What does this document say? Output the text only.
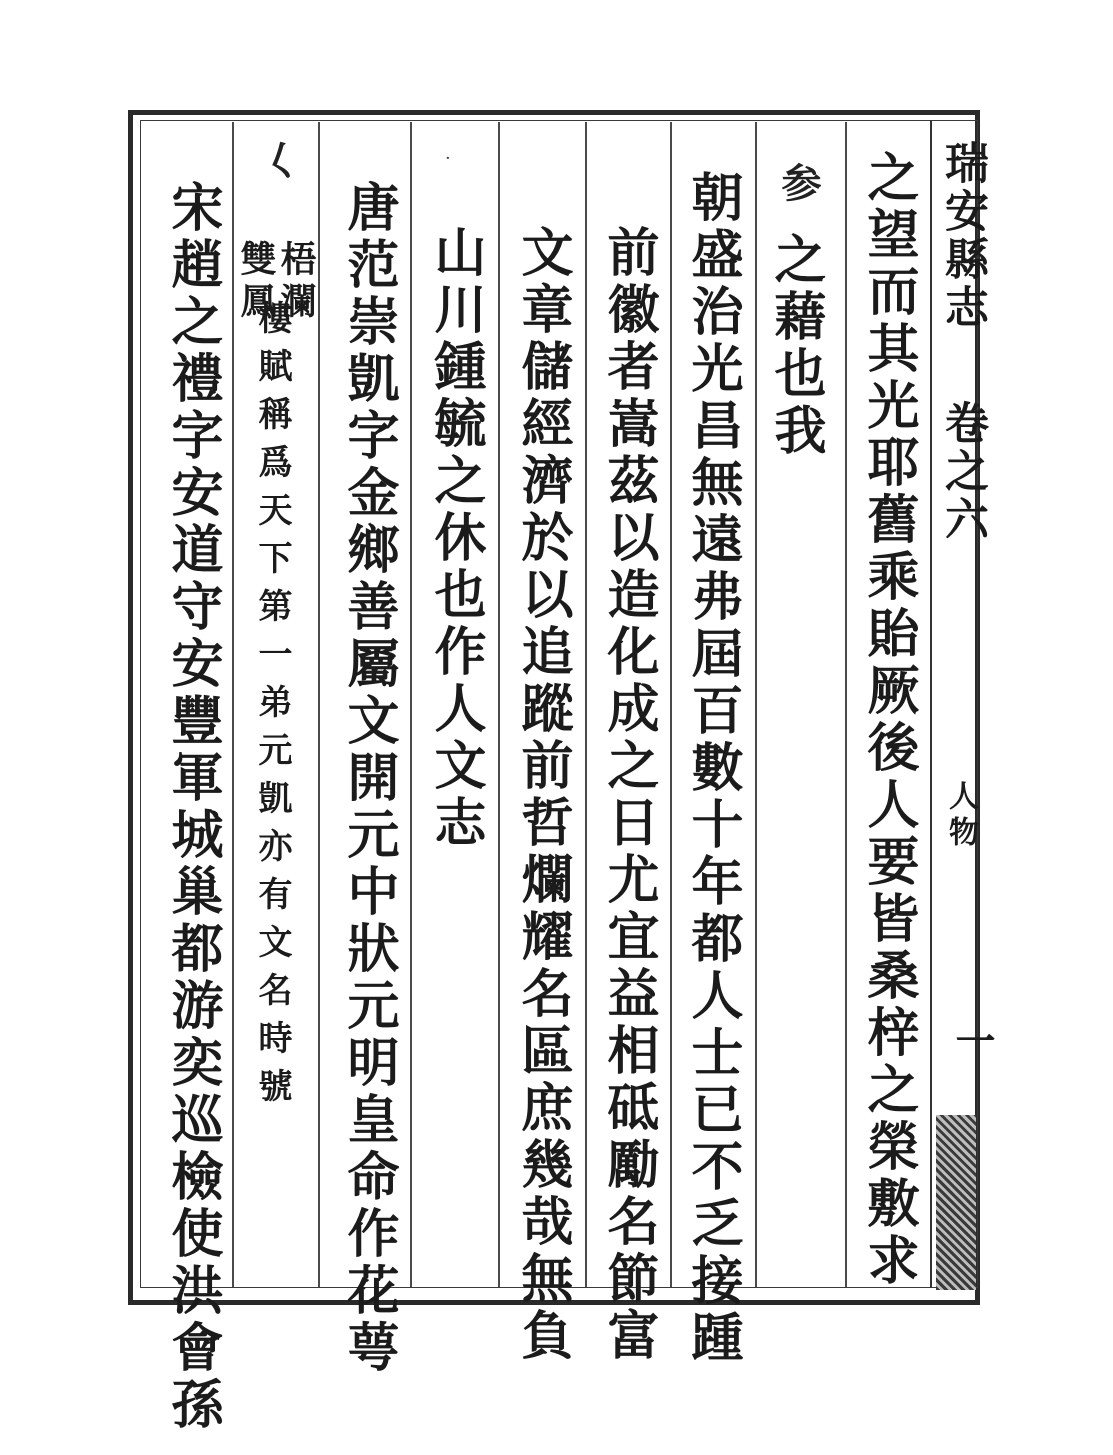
瑞安縣志
卷之六
人物
一
之望而其光耶舊乘貽厥後人要皆桑梓之榮敷求
参
之藉也我
朝盛治光昌無遠弗屆百數十年都人士已不乏接踵
前徽者嵩茲以造化成之日尤宜益相砥勵名節富
文章儲經濟於以追蹤前哲爛耀名區庶幾哉無負
·
山川鍾毓之休也作人文志
唐范崇凱字金鄉善屬文開元中狀元明皇命作花萼
𡿨
梧瀾
雙鳳
樓賦稱爲天下第一弟元凱亦有文名時號
宋趙之禮字安道守安豐軍城巢都游奕巡檢使洪會孫
